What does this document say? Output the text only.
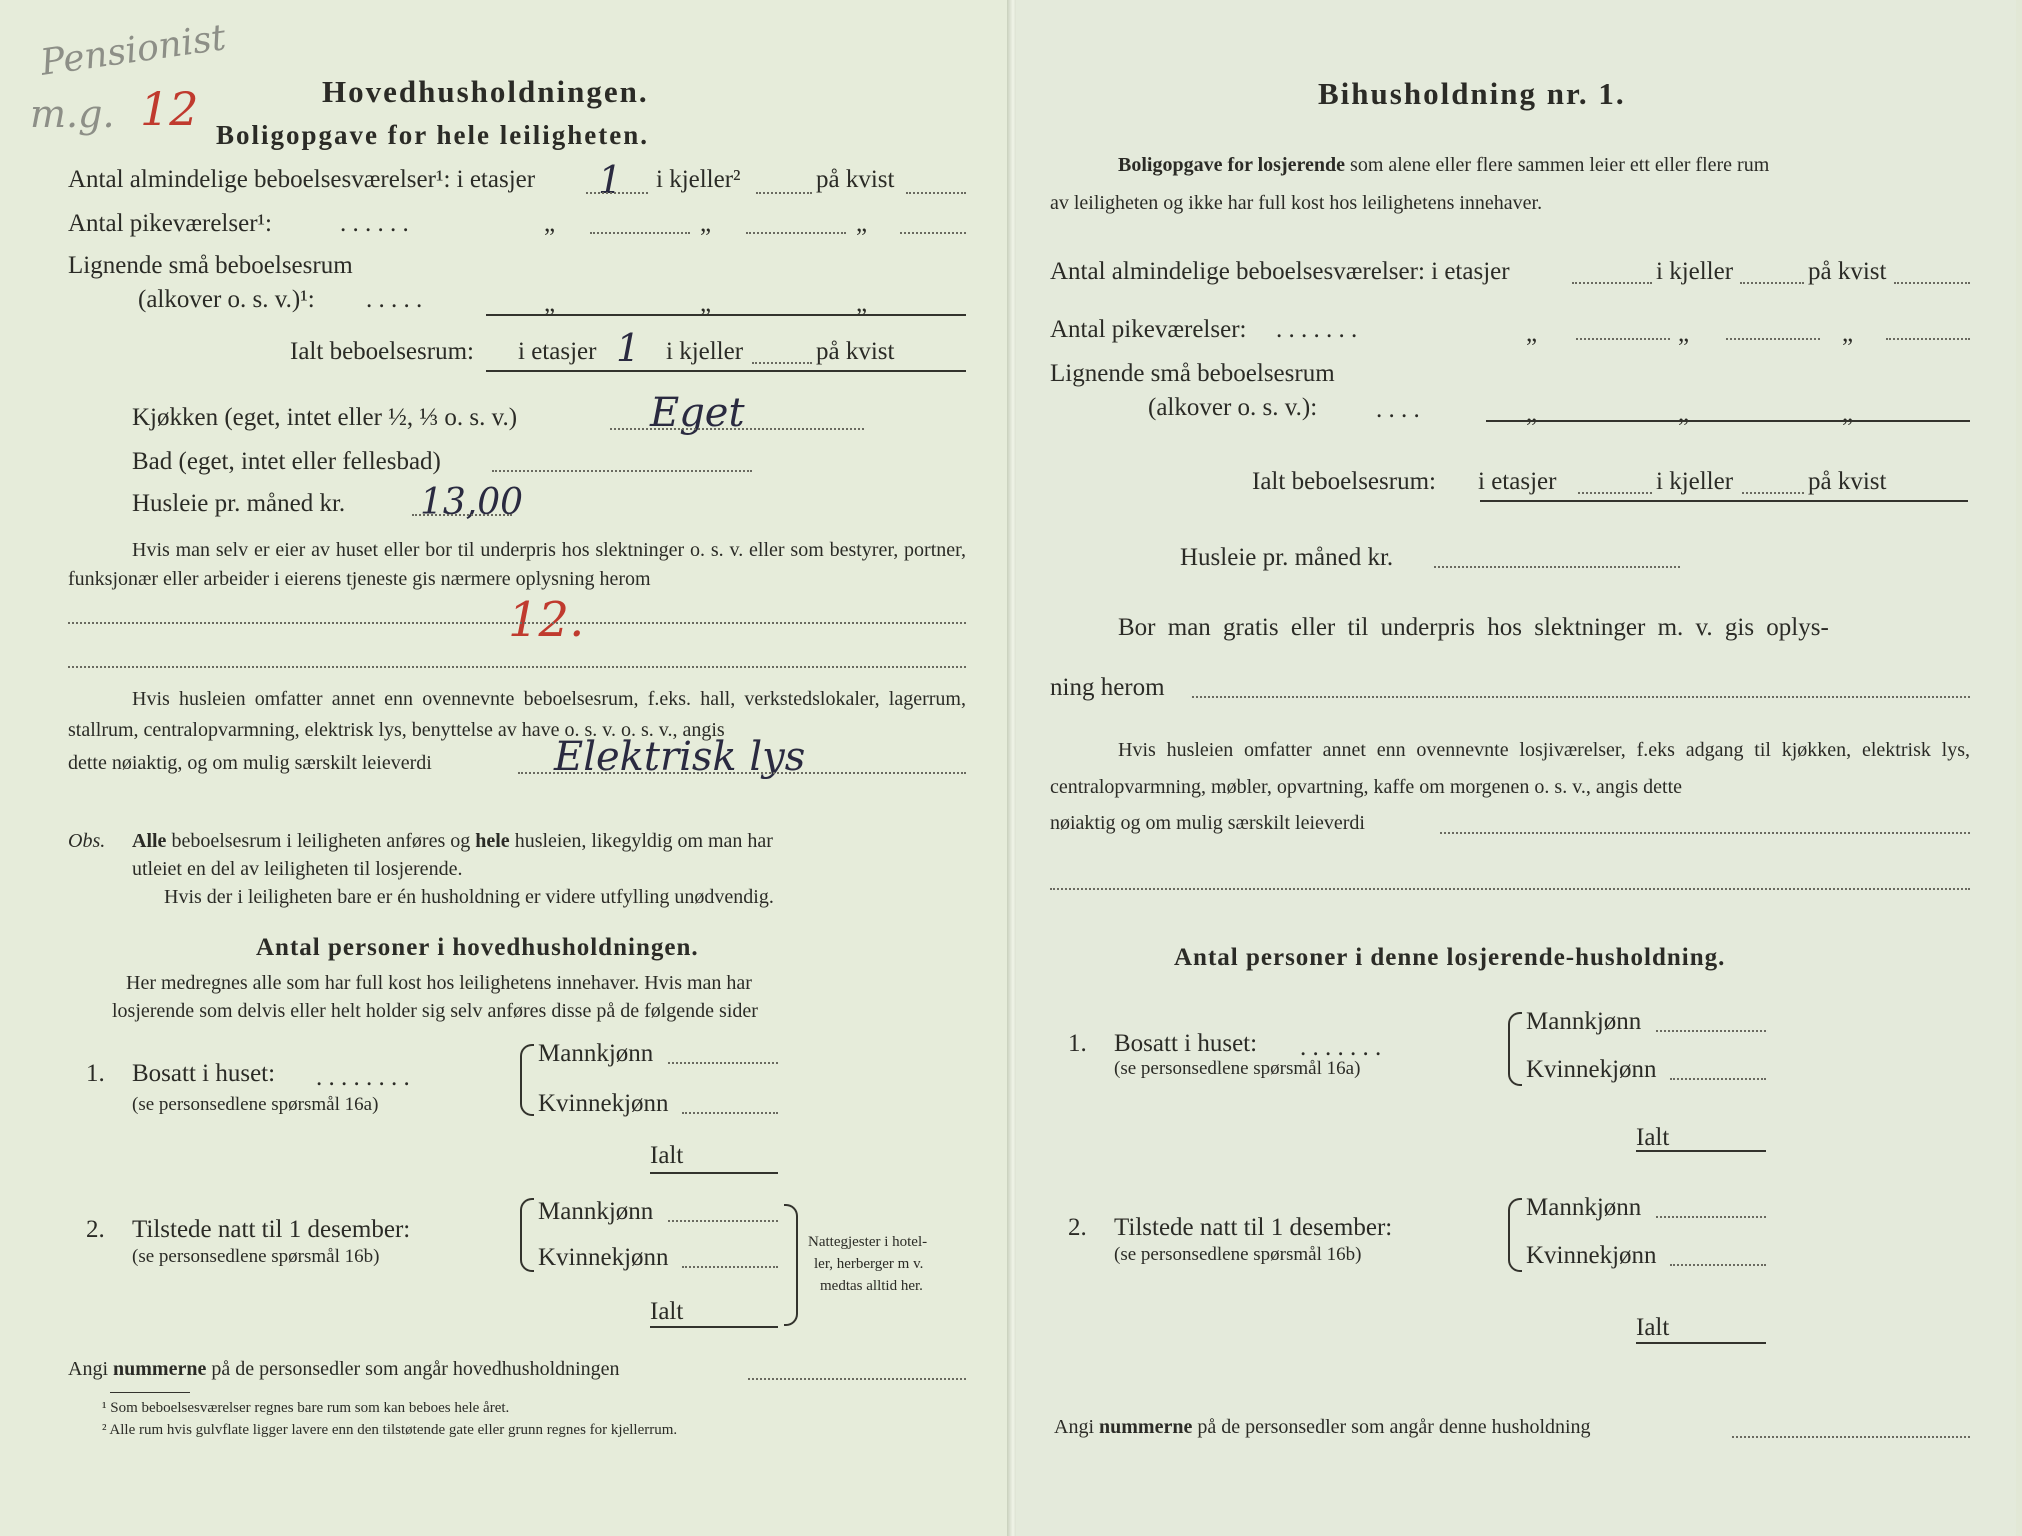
Pensionist
m.g. 12	Hovedhusholdningen.
Boligopgave for hele leiligheten.
Antal almindelige beboelsesværelser¹: i etasjer 1 i kjeller²	på kvist
Antal pikeværelser¹:	. . . . . .	„	„	„
Lignende små beboelsesrum
(alkover o. s. v.)¹: . . . . .	„	„	„
Ialt beboelsesrum: i etasjer 1 i kjeller	på kvist
Kjøkken (eget, intet eller ½, ⅓ o. s. v.)	Eget
Bad (eget, intet eller fellesbad)
Husleie pr. måned kr. 13,00
Hvis man selv er eier av huset eller bor til underpris hos slektninger o. s. v. eller som bestyrer, portner, funksjonær eller arbeider i eierens tjeneste gis nærmere oplysning herom
12.
Hvis husleien omfatter annet enn ovennevnte beboelsesrum, f.eks. hall, verkstedslokaler, lagerrum, stallrum, centralopvarmning, elektrisk lys, benyttelse av have o. s. v. o. s. v., angis
dette nøiaktig, og om mulig særskilt leieverdi	Elektrisk lys
Obs. Alle beboelsesrum i leiligheten anføres og hele husleien, likegyldig om man har
utleiet en del av leiligheten til losjerende.
Hvis der i leiligheten bare er én husholdning er videre utfylling unødvendig.
Antal personer i hovedhusholdningen.
Her medregnes alle som har full kost hos leilighetens innehaver. Hvis man har
losjerende som delvis eller helt holder sig selv anføres disse på de følgende sider
1. Bosatt i huset: . . . . . . . .
(se personsedlene spørsmål 16a)
Mannkjønn
Kvinnekjønn
Ialt
2. Tilstede natt til 1 desember:
(se personsedlene spørsmål 16b)
Mannkjønn
Kvinnekjønn
Ialt
Nattegjester i hotel-
ler, herberger m v.
medtas alltid her.
Angi nummerne på de personsedler som angår hovedhusholdningen
¹ Som beboelsesværelser regnes bare rum som kan beboes hele året.
² Alle rum hvis gulvflate ligger lavere enn den tilstøtende gate eller grunn regnes for kjellerrum.
Bihusholdning nr. 1.
Boligopgave for losjerende som alene eller flere sammen leier ett eller flere rum
av leiligheten og ikke har full kost hos leilighetens innehaver.
Antal almindelige beboelsesværelser: i etasjer	i kjeller	på kvist
Antal pikeværelser: . . . . . . .	„	„	„
Lignende små beboelsesrum
(alkover o. s. v.): . . . .	„	„	„
Ialt beboelsesrum: i etasjer	i kjeller	på kvist
Husleie pr. måned kr.
Bor man gratis eller til underpris hos slektninger m. v. gis oplys-
ning herom
Hvis husleien omfatter annet enn ovennevnte losjiværelser, f.eks adgang til kjøkken, elektrisk lys, centralopvarmning, møbler, opvartning, kaffe om morgenen o. s. v., angis dette
nøiaktig og om mulig særskilt leieverdi
Antal personer i denne losjerende-husholdning.
1. Bosatt i huset: . . . . . . .
(se personsedlene spørsmål 16a)
Mannkjønn
Kvinnekjønn
Ialt
2. Tilstede natt til 1 desember:
(se personsedlene spørsmål 16b)
Mannkjønn
Kvinnekjønn
Ialt
Angi nummerne på de personsedler som angår denne husholdning
